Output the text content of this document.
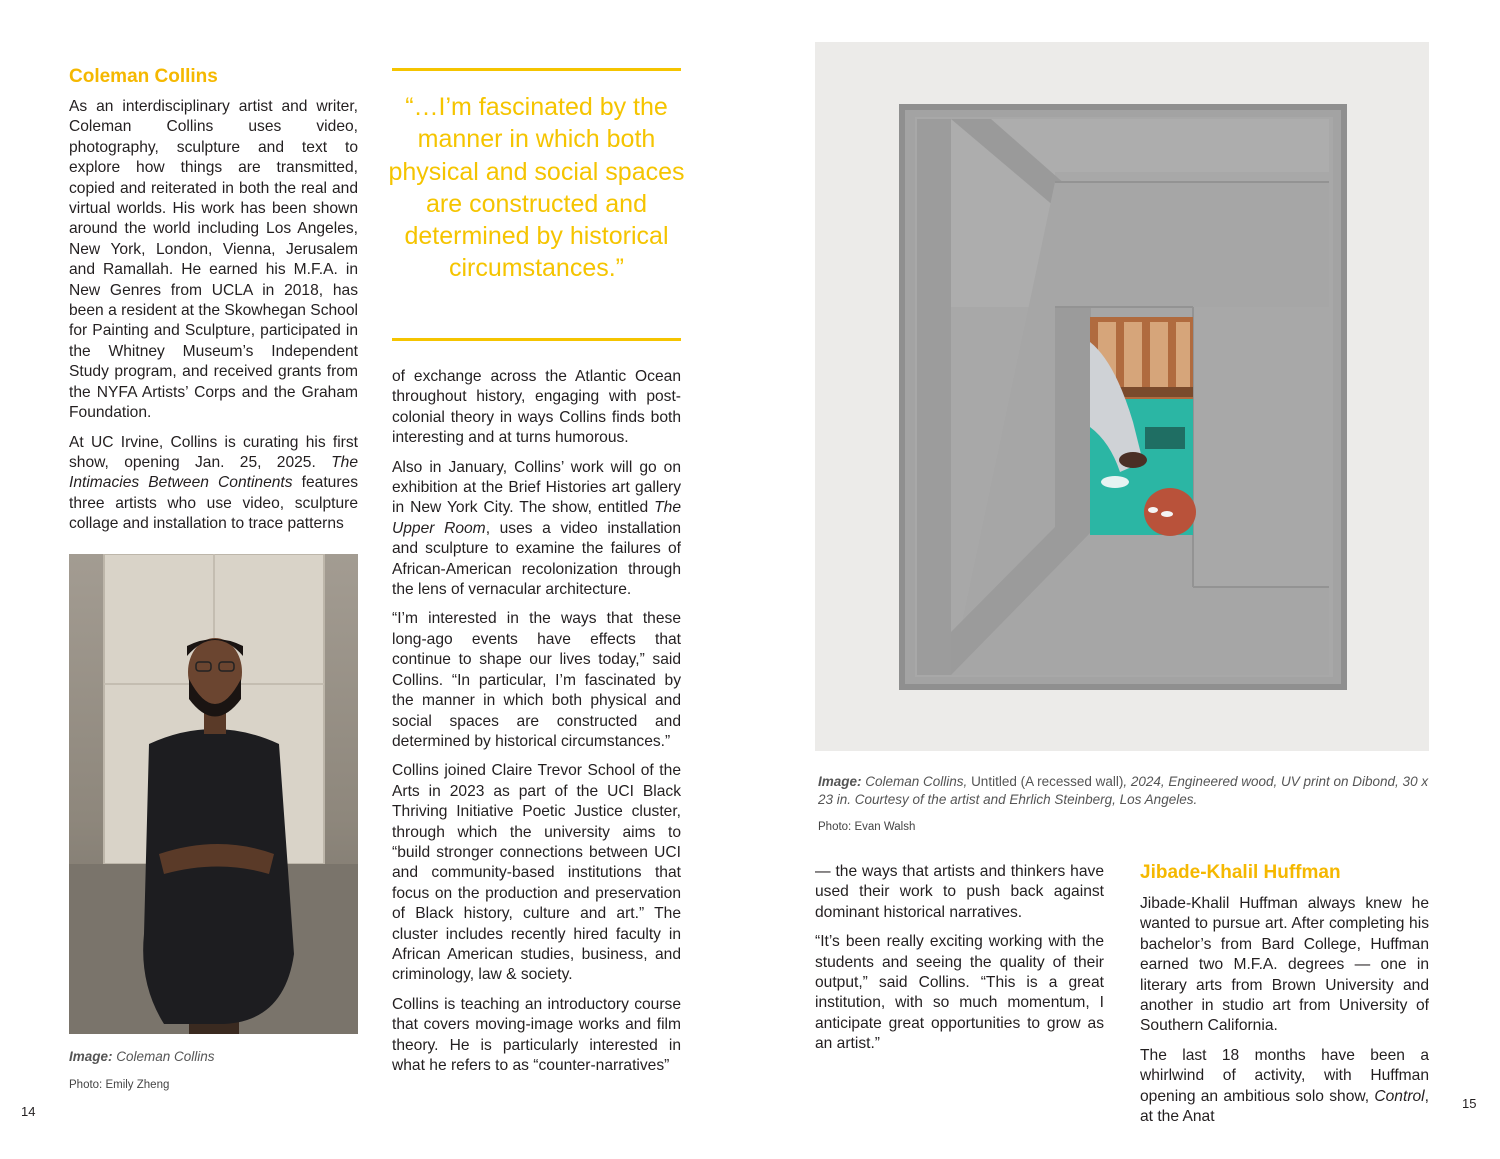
Coleman Collins

As an interdisciplinary artist and writer, Coleman Collins uses video, photography, sculpture and text to explore how things are transmitted, copied and reiterated in both the real and virtual worlds. His work has been shown around the world including Los Angeles, New York, London, Vienna, Jerusalem and Ramallah. He earned his M.F.A. in New Genres from UCLA in 2018, has been a resident at the Skowhegan School for Painting and Sculpture, participated in the Whitney Museum’s Independent Study program, and received grants from the NYFA Artists’ Corps and the Graham Foundation.

At UC Irvine, Collins is curating his first show, opening Jan. 25, 2025. The Intimacies Between Continents features three artists who use video, sculpture collage and installation to trace patterns

Image: Coleman Collins
Photo: Emily Zheng
14
“…I’m fascinated by the manner in which both physical and social spaces are constructed and determined by historical circumstances.”

of exchange across the Atlantic Ocean throughout history, engaging with post-colonial theory in ways Collins finds both interesting and at turns humorous.

Also in January, Collins’ work will go on exhibition at the Brief Histories art gallery in New York City. The show, entitled The Upper Room, uses a video installation and sculpture to examine the failures of African-American recolonization through the lens of vernacular architecture.

“I’m interested in the ways that these long-ago events have effects that continue to shape our lives today,” said Collins. “In particular, I’m fascinated by the manner in which both physical and social spaces are constructed and determined by historical circumstances.”

Collins joined Claire Trevor School of the Arts in 2023 as part of the UCI Black Thriving Initiative Poetic Justice cluster, through which the university aims to “build stronger connections between UCI and community-based institutions that focus on the production and preservation of Black history, culture and art.” The cluster includes recently hired faculty in African American studies, business, and criminology, law & society.

Collins is teaching an introductory course that covers moving-image works and film theory. He is particularly interested in what he refers to as “counter-narratives”

Image: Coleman Collins, Untitled (A recessed wall), 2024, Engineered wood, UV print on Dibond, 30 x 23 in. Courtesy of the artist and Ehrlich Steinberg, Los Angeles.
Photo: Evan Walsh

— the ways that artists and thinkers have used their work to push back against dominant historical narratives.

“It’s been really exciting working with the students and seeing the quality of their output,” said Collins. “This is a great institution, with so much momentum, I anticipate great opportunities to grow as an artist.”

Jibade-Khalil Huffman

Jibade-Khalil Huffman always knew he wanted to pursue art. After completing his bachelor’s from Bard College, Huffman earned two M.F.A. degrees — one in literary arts from Brown University and another in studio art from University of Southern California.

The last 18 months have been a whirlwind of activity, with Huffman opening an ambitious solo show, Control, at the Anat

15
